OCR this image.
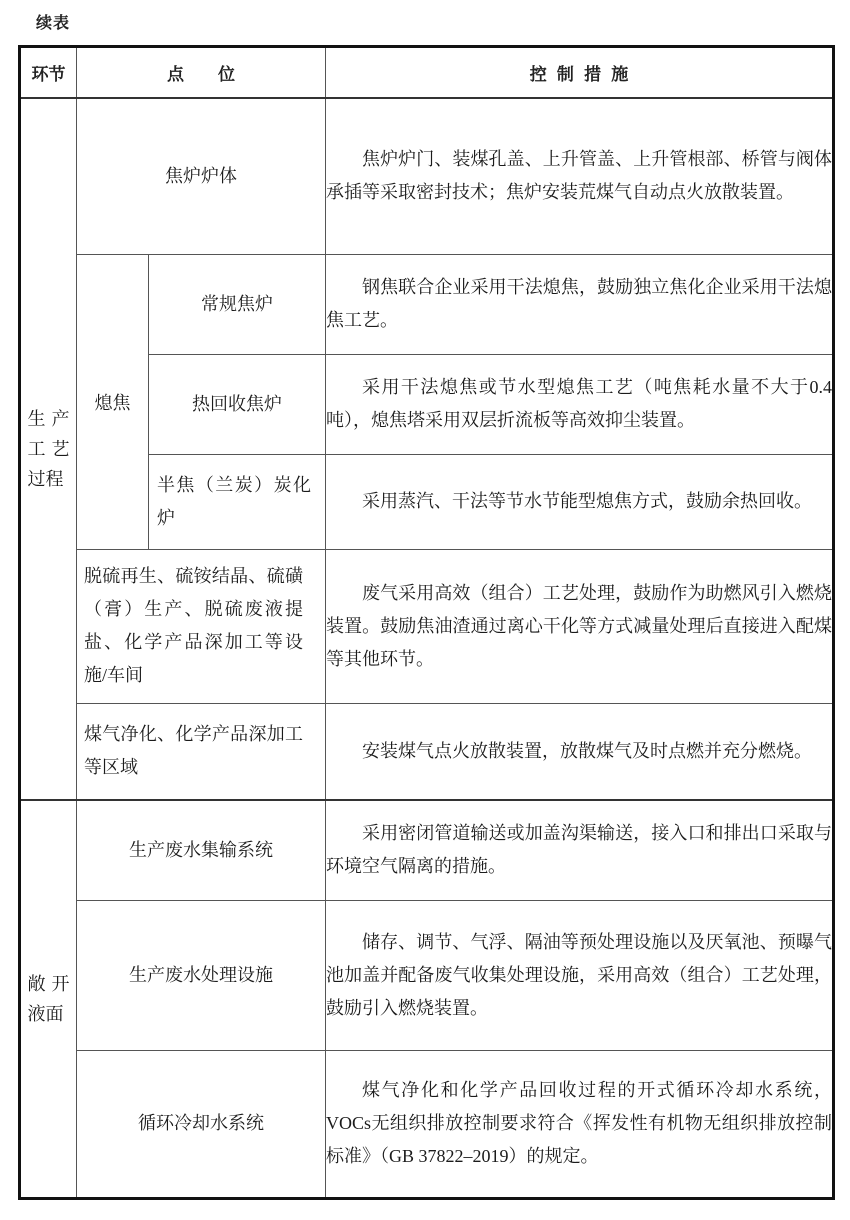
续表
环节	点位		控制措施

生产
工艺
过程	焦炉炉体		焦炉炉门、装煤孔盖、上升管盖、上升管根部、桥管与阀体承插等采取密封技术；焦炉安装荒煤气自动点火放散装置。

	熄焦	常规焦炉	钢焦联合企业采用干法熄焦，鼓励独立焦化企业采用干法熄焦工艺。

		热回收焦炉	采用干法熄焦或节水型熄焦工艺（吨焦耗水量不大于0.4吨），熄焦塔采用双层折流板等高效抑尘装置。

		半焦（兰炭）炭化炉	采用蒸汽、干法等节水节能型熄焦方式，鼓励余热回收。

	脱硫再生、硫铵结晶、硫磺（膏）生产、脱硫废液提盐、化学产品深加工等设施/车间		废气采用高效（组合）工艺处理，鼓励作为助燃风引入燃烧装置。鼓励焦油渣通过离心干化等方式减量处理后直接进入配煤等其他环节。

	煤气净化、化学产品深加工等区域		安装煤气点火放散装置，放散煤气及时点燃并充分燃烧。

敞开
液面	生产废水集输系统		采用密闭管道输送或加盖沟渠输送，接入口和排出口采取与环境空气隔离的措施。

	生产废水处理设施		储存、调节、气浮、隔油等预处理设施以及厌氧池、预曝气池加盖并配备废气收集处理设施，采用高效（组合）工艺处理，鼓励引入燃烧装置。

	循环冷却水系统		煤气净化和化学产品回收过程的开式循环冷却水系统，VOCs无组织排放控制要求符合《挥发性有机物无组织排放控制标准》（GB 37822–2019）的规定。
